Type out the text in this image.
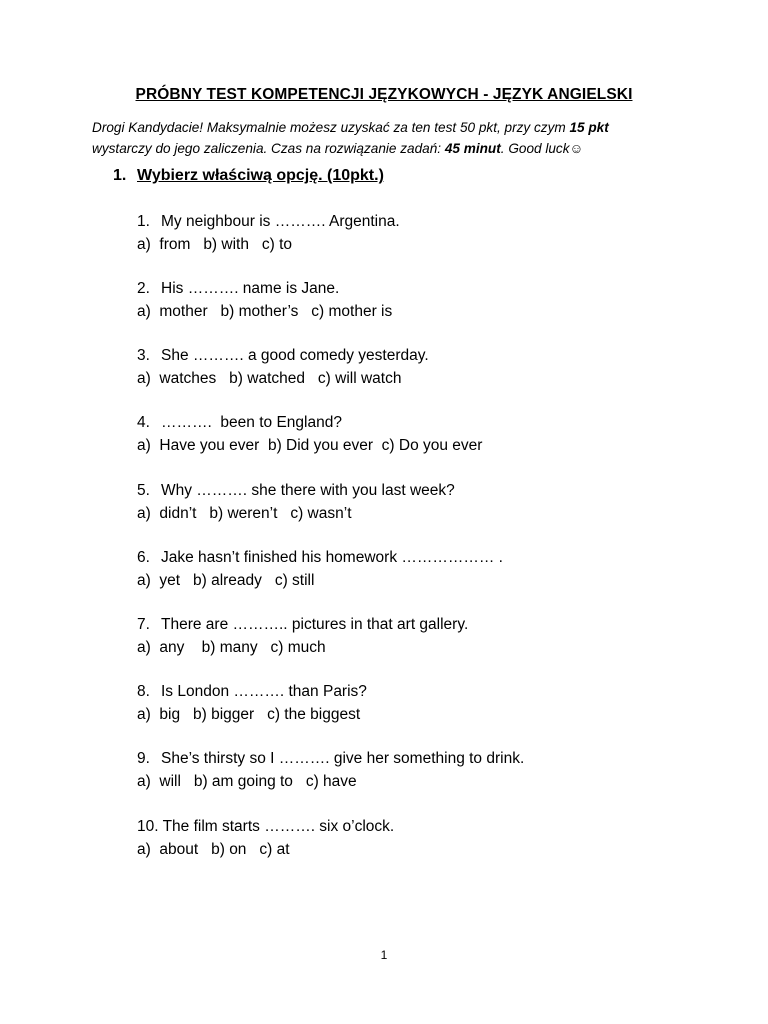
PRÓBNY TEST KOMPETENCJI JĘZYKOWYCH - JĘZYK ANGIELSKI
Drogi Kandydacie! Maksymalnie możesz uzyskać za ten test 50 pkt, przy czym 15 pkt
wystarczy do jego zaliczenia. Czas na rozwiązanie zadań: 45 minut. Good luck☺
1. Wybierz właściwą opcję. (10pkt.)
1. My neighbour is ………. Argentina.
a)  from   b) with   c) to
2. His ………. name is Jane.
a)  mother   b) mother’s   c) mother is
3. She ………. a good comedy yesterday.
a)  watches   b) watched   c) will watch
4. ……….  been to England?
a)  Have you ever  b) Did you ever  c) Do you ever
5. Why ………. she there with you last week?
a)  didn’t   b) weren’t   c) wasn’t
6. Jake hasn’t finished his homework ……………… .
a)  yet   b) already   c) still
7. There are ……….. pictures in that art gallery.
a)  any    b) many   c) much
8. Is London ………. than Paris?
a)  big   b) bigger   c) the biggest
9. She’s thirsty so I ………. give her something to drink.
a)  will   b) am going to   c) have
10. The film starts ………. six o’clock.
a)  about   b) on   c) at
1
